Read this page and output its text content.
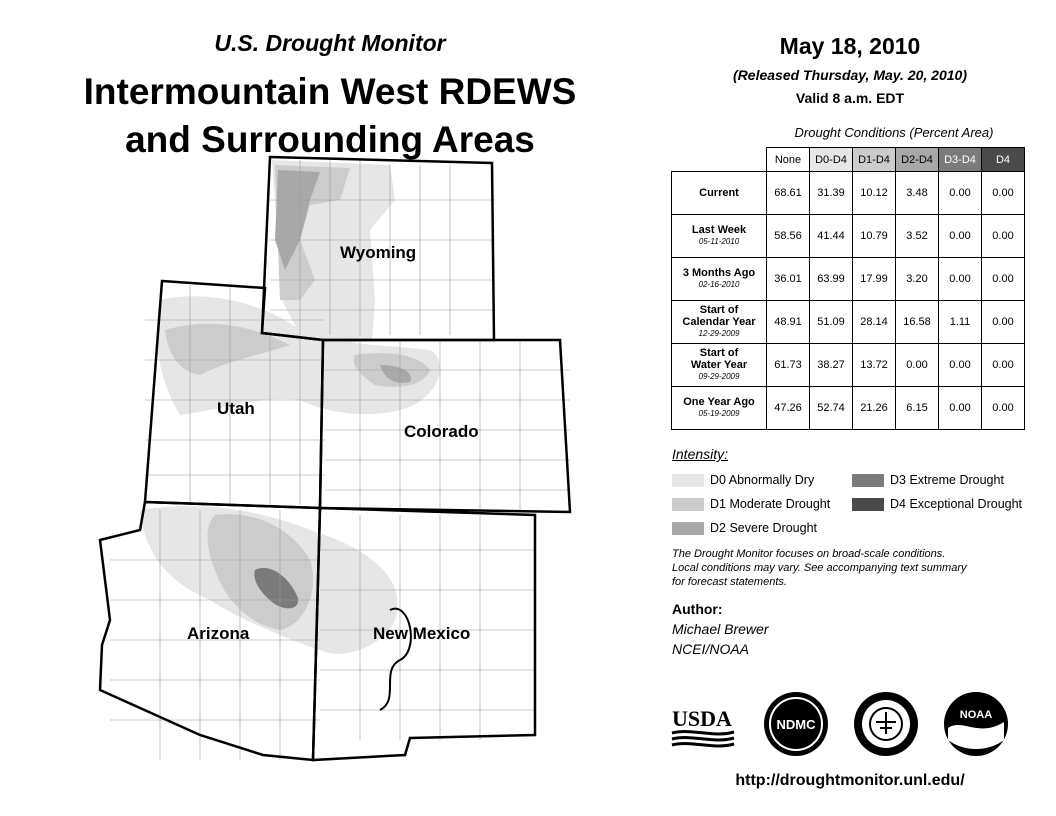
U.S. Drought Monitor
Intermountain West RDEWS
and Surrounding Areas
Wyoming
Utah
Colorado
Arizona	New Mexico
May 18, 2010
(Released Thursday, May. 20, 2010)
Valid 8 a.m. EDT
Drought Conditions (Percent Area)
	None	D0-D4	D1-D4	D2-D4	D3-D4	D4
Current	68.61	31.39	10.12	3.48	0.00	0.00
Last Week
05-11-2010	58.56	41.44	10.79	3.52	0.00	0.00
3 Months Ago
02-16-2010	36.01	63.99	17.99	3.20	0.00	0.00
Start of
Calendar Year
12-29-2009	48.91	51.09	28.14	16.58	1.11	0.00
Start of
Water Year
09-29-2009	61.73	38.27	13.72	0.00	0.00	0.00
One Year Ago
05-19-2009	47.26	52.74	21.26	6.15	0.00	0.00
Intensity:
D0 Abnormally Dry
D1 Moderate Drought
D2 Severe Drought
D3 Extreme Drought
D4 Exceptional Drought
The Drought Monitor focuses on broad-scale conditions.
Local conditions may vary. See accompanying text summary
for forecast statements.
Author:
Michael Brewer
NCEI/NOAA
USDA	NDMC
NOAA
http://droughtmonitor.unl.edu/
